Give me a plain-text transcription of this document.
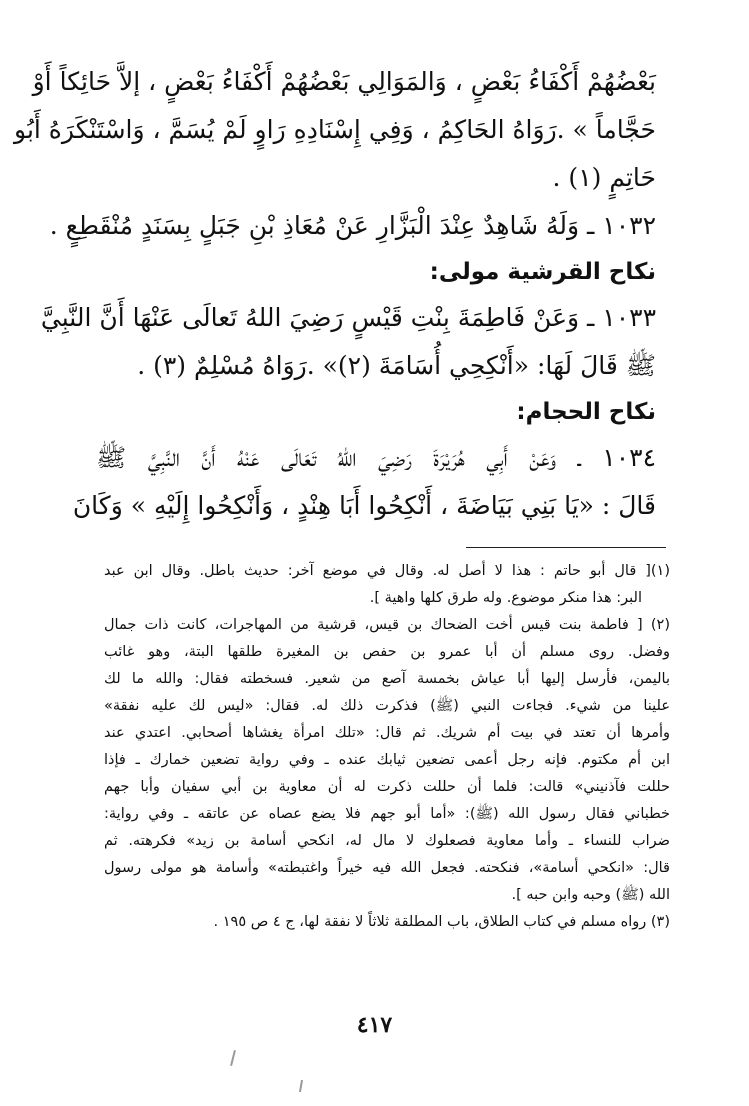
بَعْضُهُمْ أَكْفَاءُ بَعْضٍ ، وَالمَوَالِي بَعْضُهُمْ أَكْفَاءُ بَعْضٍ ، إلاَّ حَائِكاً أَوْ
حَجَّاماً » .رَوَاهُ الحَاكِمُ ، وَفِي إِسْنَادِهِ رَاوٍ لَمْ يُسَمَّ ، وَاسْتَنْكَرَهُ أَبُو
حَاتِمٍ (١) .
١٠٣٢ ـ وَلَهُ شَاهِدٌ عِنْدَ الْبَزَّارِ عَنْ مُعَاذِ بْنِ جَبَلٍ بِسَنَدٍ مُنْقَطِعٍ .
نكاح القرشية مولى:
١٠٣٣ ـ وَعَنْ فَاطِمَةَ بِنْتِ قَيْسٍ رَضِيَ اللهُ تَعالَى عَنْهَا أَنَّ النَّبِيَّ
ﷺ قَالَ لَهَا: «أَنْكِحِي أُسَامَةَ (٢)» .رَوَاهُ مُسْلِمٌ (٣) .
نكاح الحجام:
١٠٣٤ ـ وَعَنْ أَبِي هُرَيْرَةَ رَضِيَ اللهُ تَعَالَى عَنْهُ أَنَّ النَّبِيَّ ﷺ
قَالَ : «يَا بَنِي بَيَاضَةَ ، أَنْكِحُوا أَبَا هِنْدٍ ، وَأَنْكِحُوا إِلَيْهِ » وَكَانَ
(١)[ قال أبو حاتم : هذا لا أصل له. وقال في موضع آخر: حديث باطل. وقال ابن عبد
البر: هذا منكر موضوع. وله طرق كلها واهية ].
(٢) [ فاطمة بنت قيس أخت الضحاك بن قيس، قرشية من المهاجرات، كانت ذات جمال
وفضل. روى مسلم أن أبا عمرو بن حفص بن المغيرة طلقها البتة، وهو غائب
باليمن، فأرسل إليها أبا عياش بخمسة آصع من شعير. فسخطته فقال: والله ما لك
علينا من شيء. فجاءت النبي (ﷺ) فذكرت ذلك له. فقال: «ليس لك عليه نفقة»
وأمرها أن تعتد في بيت أم شريك. ثم قال: «تلك امرأة يغشاها أصحابي. اعتدي عند
ابن أم مكتوم. فإنه رجل أعمى تضعين ثيابك عنده ـ وفي رواية تضعين خمارك ـ فإذا
حللت فآذنيني» قالت: فلما أن حللت ذكرت له أن معاوية بن أبي سفيان وأبا جهم
خطباني فقال رسول الله (ﷺ): «أما أبو جهم فلا يضع عصاه عن عاتقه ـ وفي رواية:
ضراب للنساء ـ وأما معاوية فصعلوك لا مال له، انكحي أسامة بن زيد» فكرهته. ثم
قال: «انكحي أسامة»، فنكحته. فجعل الله فيه خيراً واغتبطته» وأسامة هو مولى رسول
الله (ﷺ) وحبه وابن حبه ].
(٣) رواه مسلم في كتاب الطلاق، باب المطلقة ثلاثاً لا نفقة لها، ج ٤ ص ١٩٥ .
٤١٧
